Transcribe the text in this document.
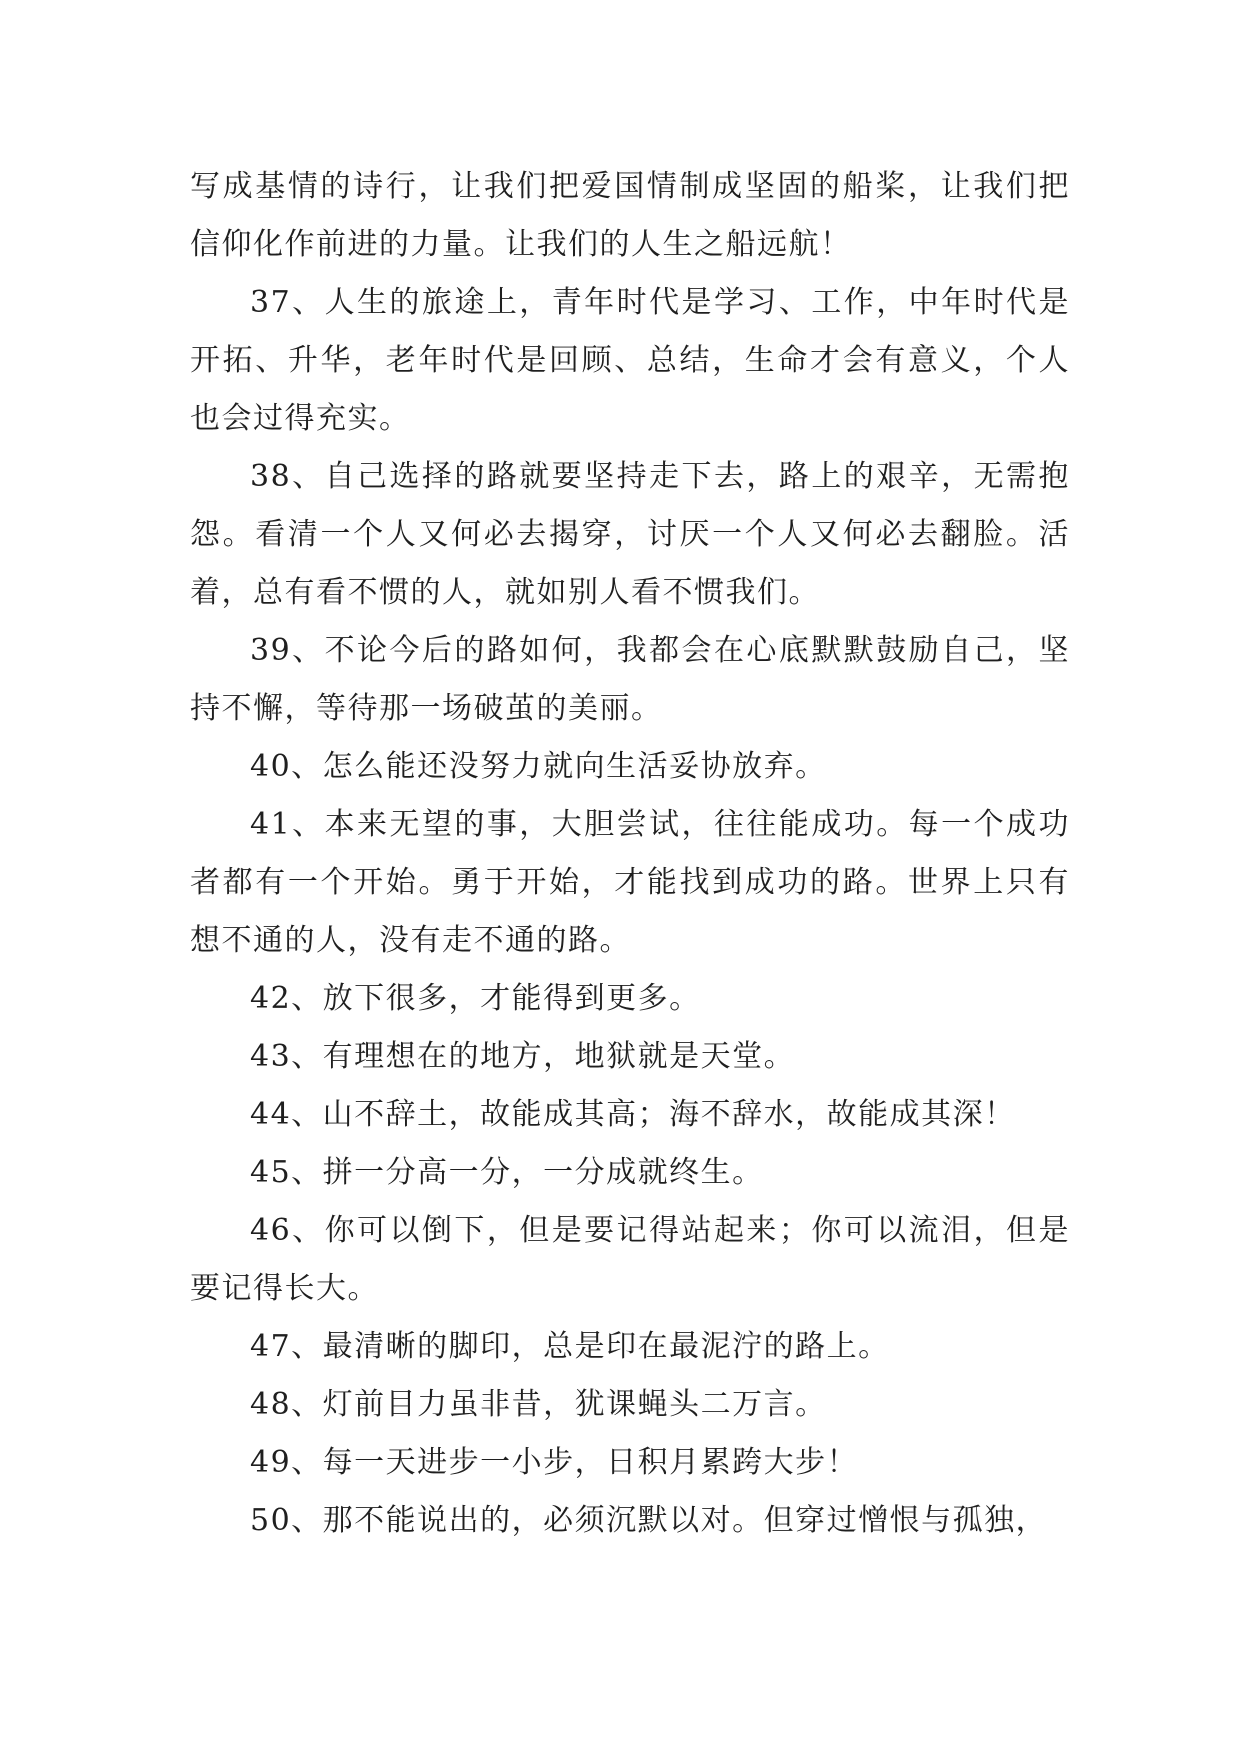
写成基情的诗行，让我们把爱国情制成坚固的船桨，让我们把信仰化作前进的力量。让我们的人生之船远航！

37、人生的旅途上，青年时代是学习、工作，中年时代是开拓、升华，老年时代是回顾、总结，生命才会有意义，个人也会过得充实。

38、自己选择的路就要坚持走下去，路上的艰辛，无需抱怨。看清一个人又何必去揭穿，讨厌一个人又何必去翻脸。活着，总有看不惯的人，就如别人看不惯我们。

39、不论今后的路如何，我都会在心底默默鼓励自己，坚持不懈，等待那一场破茧的美丽。

40、怎么能还没努力就向生活妥协放弃。

41、本来无望的事，大胆尝试，往往能成功。每一个成功者都有一个开始。勇于开始，才能找到成功的路。世界上只有想不通的人，没有走不通的路。

42、放下很多，才能得到更多。

43、有理想在的地方，地狱就是天堂。

44、山不辞土，故能成其高；海不辞水，故能成其深！

45、拼一分高一分，一分成就终生。

46、你可以倒下，但是要记得站起来；你可以流泪，但是要记得长大。

47、最清晰的脚印，总是印在最泥泞的路上。

48、灯前目力虽非昔，犹课蝇头二万言。

49、每一天进步一小步，日积月累跨大步！

50、那不能说出的，必须沉默以对。但穿过憎恨与孤独，
